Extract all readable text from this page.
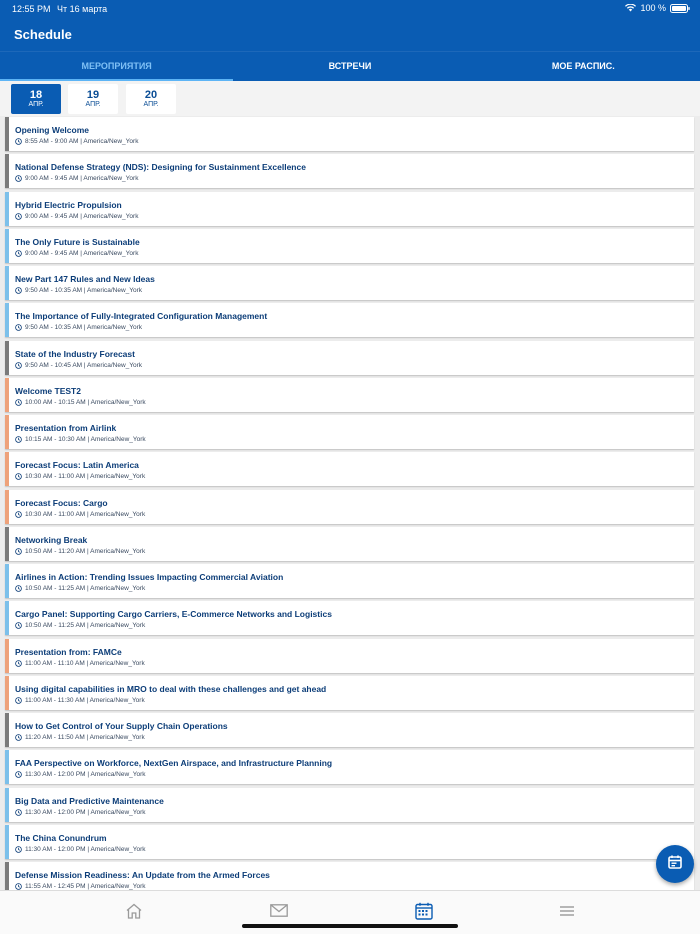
12:55 PM Чт 16 марта	100 %
Schedule
МЕРОПРИЯТИЯ	ВСТРЕЧИ	МОЕ РАСПИС.
18
АПР.
19
АПР.
20
АПР.
Opening Welcome
8:55 AM - 9:00 AM | America/New_York
National Defense Strategy (NDS): Designing for Sustainment Excellence
9:00 AM - 9:45 AM | America/New_York
Hybrid Electric Propulsion
9:00 AM - 9:45 AM | America/New_York
The Only Future is Sustainable
9:00 AM - 9:45 AM | America/New_York
New Part 147 Rules and New Ideas
9:50 AM - 10:35 AM | America/New_York
The Importance of Fully-Integrated Configuration Management
9:50 AM - 10:35 AM | America/New_York
State of the Industry Forecast
9:50 AM - 10:45 AM | America/New_York
Welcome TEST2
10:00 AM - 10:15 AM | America/New_York
Presentation from Airlink
10:15 AM - 10:30 AM | America/New_York
Forecast Focus: Latin America
10:30 AM - 11:00 AM | America/New_York
Forecast Focus: Cargo
10:30 AM - 11:00 AM | America/New_York
Networking Break
10:50 AM - 11:20 AM | America/New_York
Airlines in Action: Trending Issues Impacting Commercial Aviation
10:50 AM - 11:25 AM | America/New_York
Cargo Panel: Supporting Cargo Carriers, E-Commerce Networks and Logistics
10:50 AM - 11:25 AM | America/New_York
Presentation from: FAMCe
11:00 AM - 11:10 AM | America/New_York
Using digital capabilities in MRO to deal with these challenges and get ahead
11:00 AM - 11:30 AM | America/New_York
How to Get Control of Your Supply Chain Operations
11:20 AM - 11:50 AM | America/New_York
FAA Perspective on Workforce, NextGen Airspace, and Infrastructure Planning
11:30 AM - 12:00 PM | America/New_York
Big Data and Predictive Maintenance
11:30 AM - 12:00 PM | America/New_York
The China Conundrum
11:30 AM - 12:00 PM | America/New_York
Defense Mission Readiness: An Update from the Armed Forces
11:55 AM - 12:45 PM | America/New_York
